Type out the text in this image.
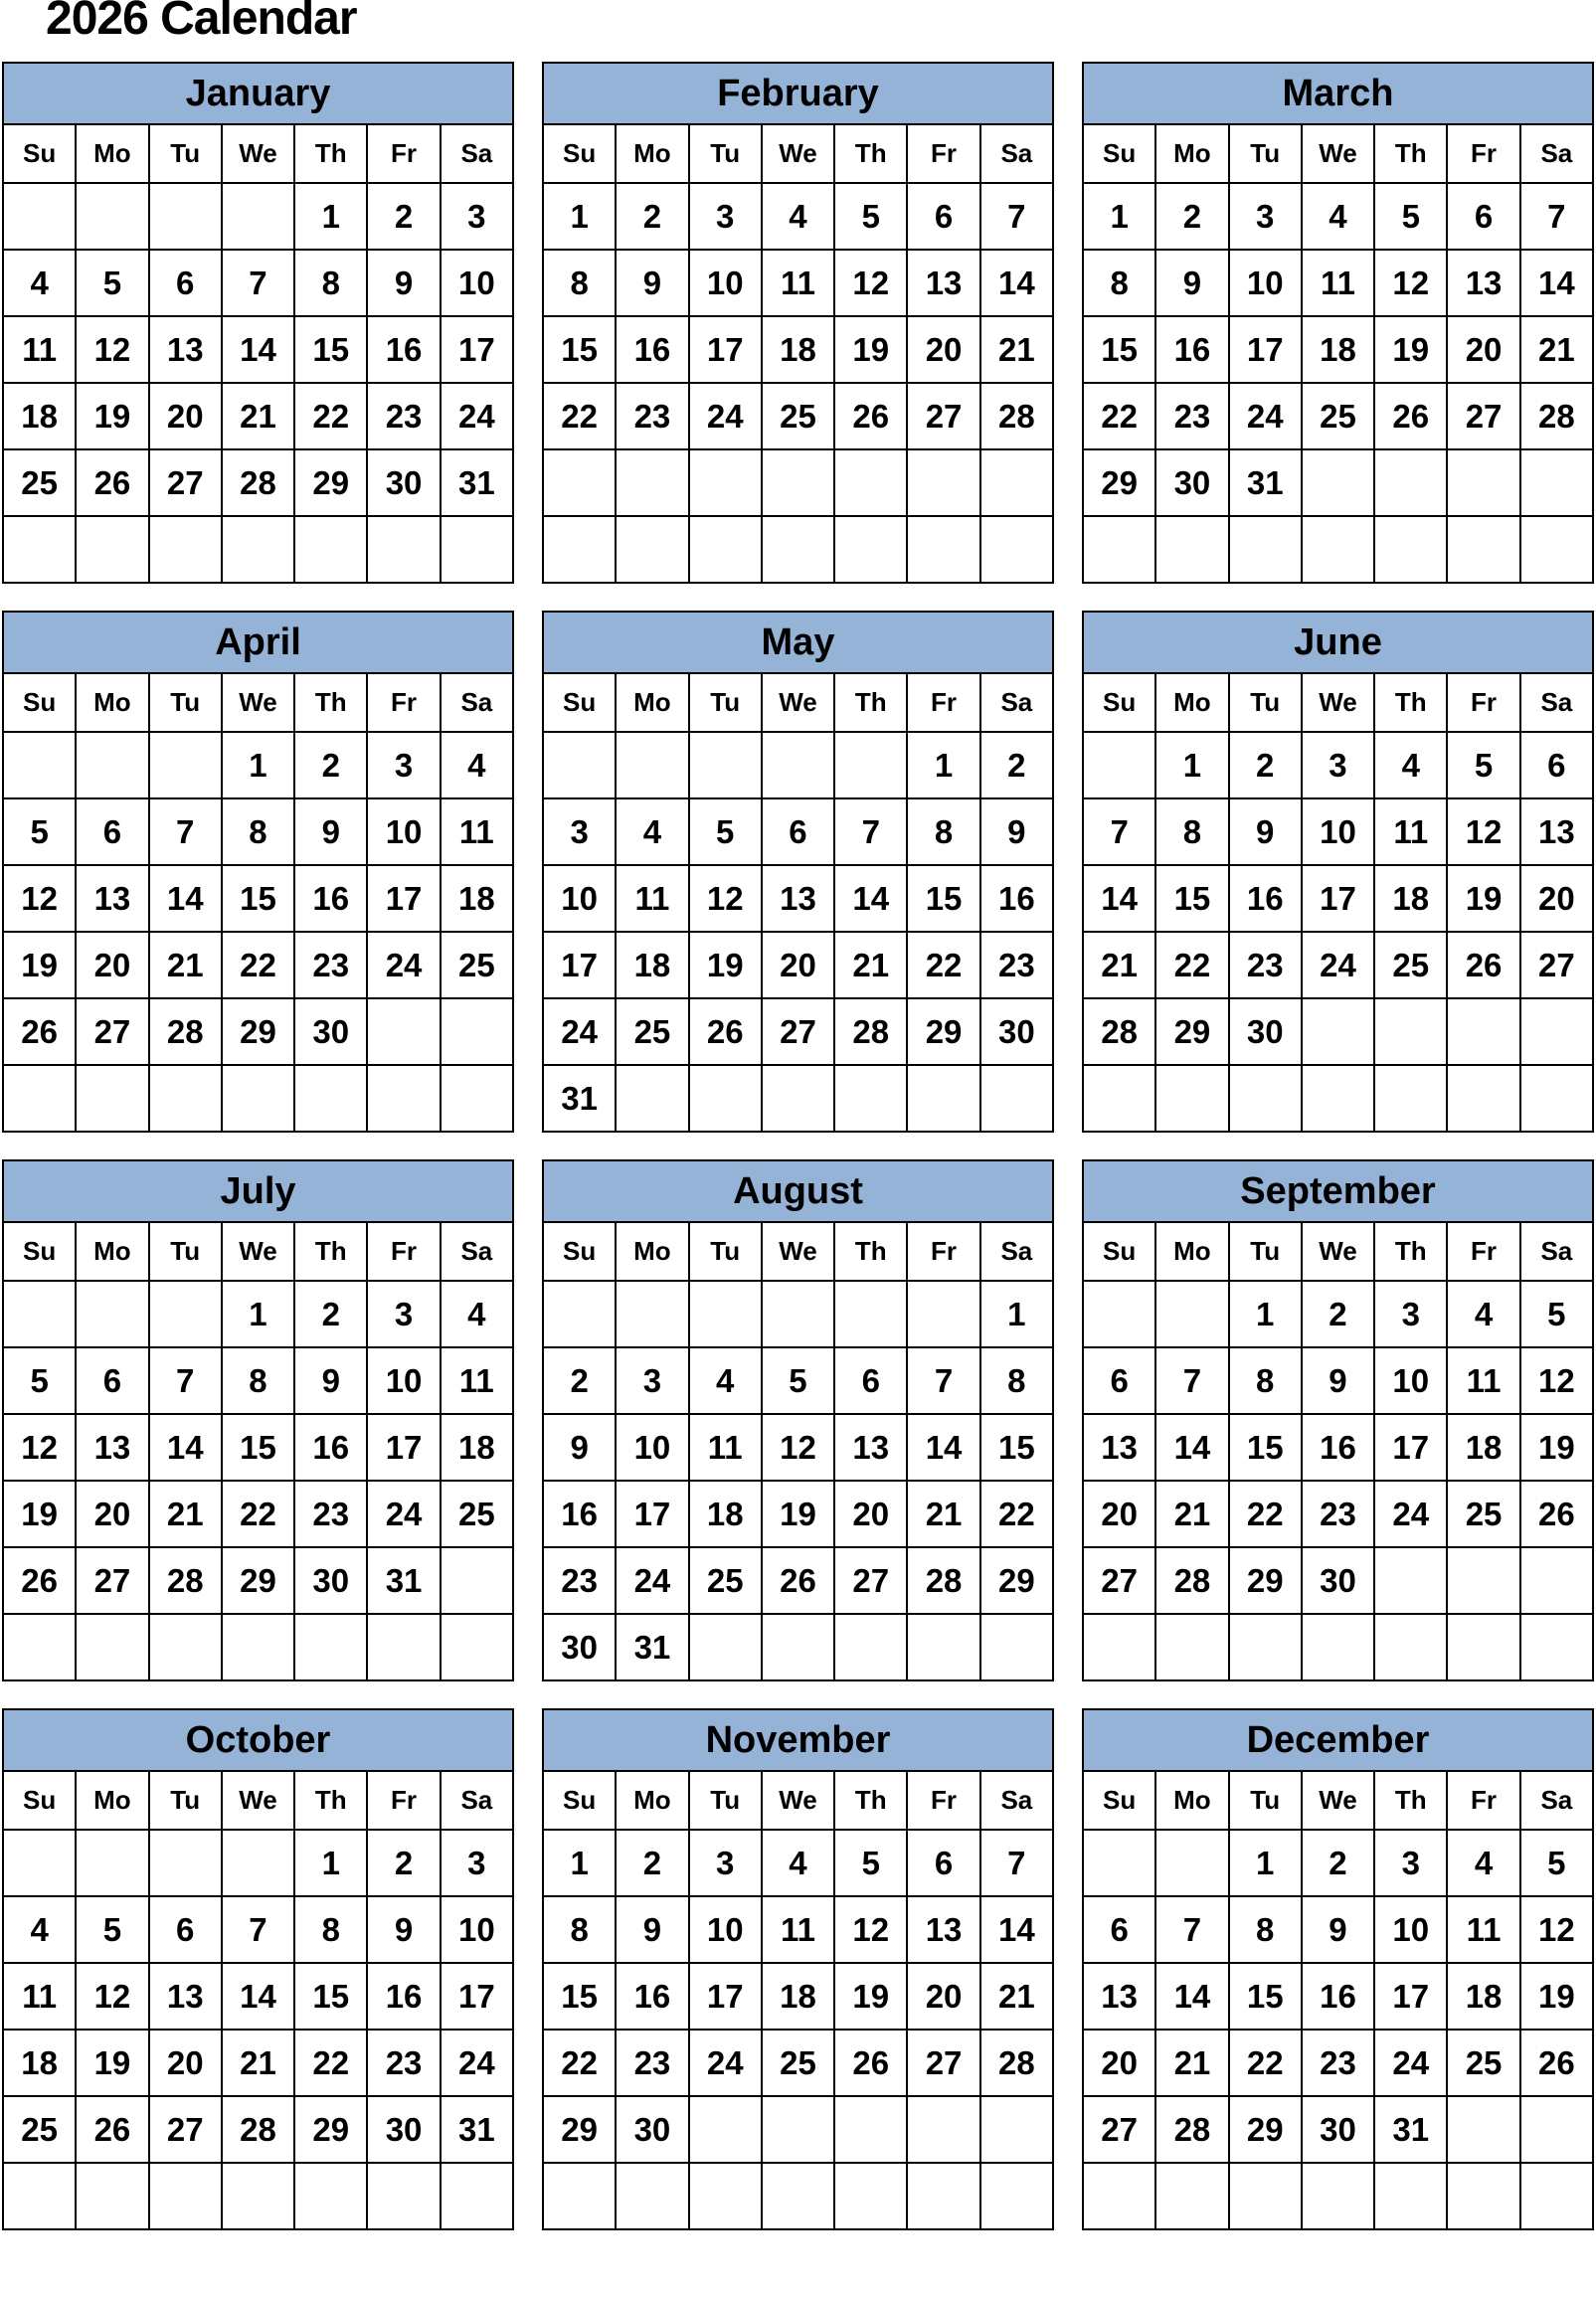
2026 Calendar
January						
Su	Mo	Tu	We	Th	Fr	Sa
				1	2	3
4	5	6	7	8	9	10
11	12	13	14	15	16	17
18	19	20	21	22	23	24
25	26	27	28	29	30	31

February						
Su	Mo	Tu	We	Th	Fr	Sa
1	2	3	4	5	6	7
8	9	10	11	12	13	14
15	16	17	18	19	20	21
22	23	24	25	26	27	28

March						
Su	Mo	Tu	We	Th	Fr	Sa
1	2	3	4	5	6	7
8	9	10	11	12	13	14
15	16	17	18	19	20	21
22	23	24	25	26	27	28
29	30	31				

April						
Su	Mo	Tu	We	Th	Fr	Sa
			1	2	3	4
5	6	7	8	9	10	11
12	13	14	15	16	17	18
19	20	21	22	23	24	25
26	27	28	29	30		

May						
Su	Mo	Tu	We	Th	Fr	Sa
					1	2
3	4	5	6	7	8	9
10	11	12	13	14	15	16
17	18	19	20	21	22	23
24	25	26	27	28	29	30
31						
June						
Su	Mo	Tu	We	Th	Fr	Sa
	1	2	3	4	5	6
7	8	9	10	11	12	13
14	15	16	17	18	19	20
21	22	23	24	25	26	27
28	29	30				

July						
Su	Mo	Tu	We	Th	Fr	Sa
			1	2	3	4
5	6	7	8	9	10	11
12	13	14	15	16	17	18
19	20	21	22	23	24	25
26	27	28	29	30	31	

August						
Su	Mo	Tu	We	Th	Fr	Sa
						1
2	3	4	5	6	7	8
9	10	11	12	13	14	15
16	17	18	19	20	21	22
23	24	25	26	27	28	29
30	31					
September						
Su	Mo	Tu	We	Th	Fr	Sa
		1	2	3	4	5
6	7	8	9	10	11	12
13	14	15	16	17	18	19
20	21	22	23	24	25	26
27	28	29	30			

October						
Su	Mo	Tu	We	Th	Fr	Sa
				1	2	3
4	5	6	7	8	9	10
11	12	13	14	15	16	17
18	19	20	21	22	23	24
25	26	27	28	29	30	31

November						
Su	Mo	Tu	We	Th	Fr	Sa
1	2	3	4	5	6	7
8	9	10	11	12	13	14
15	16	17	18	19	20	21
22	23	24	25	26	27	28
29	30					

December						
Su	Mo	Tu	We	Th	Fr	Sa
		1	2	3	4	5
6	7	8	9	10	11	12
13	14	15	16	17	18	19
20	21	22	23	24	25	26
27	28	29	30	31		
